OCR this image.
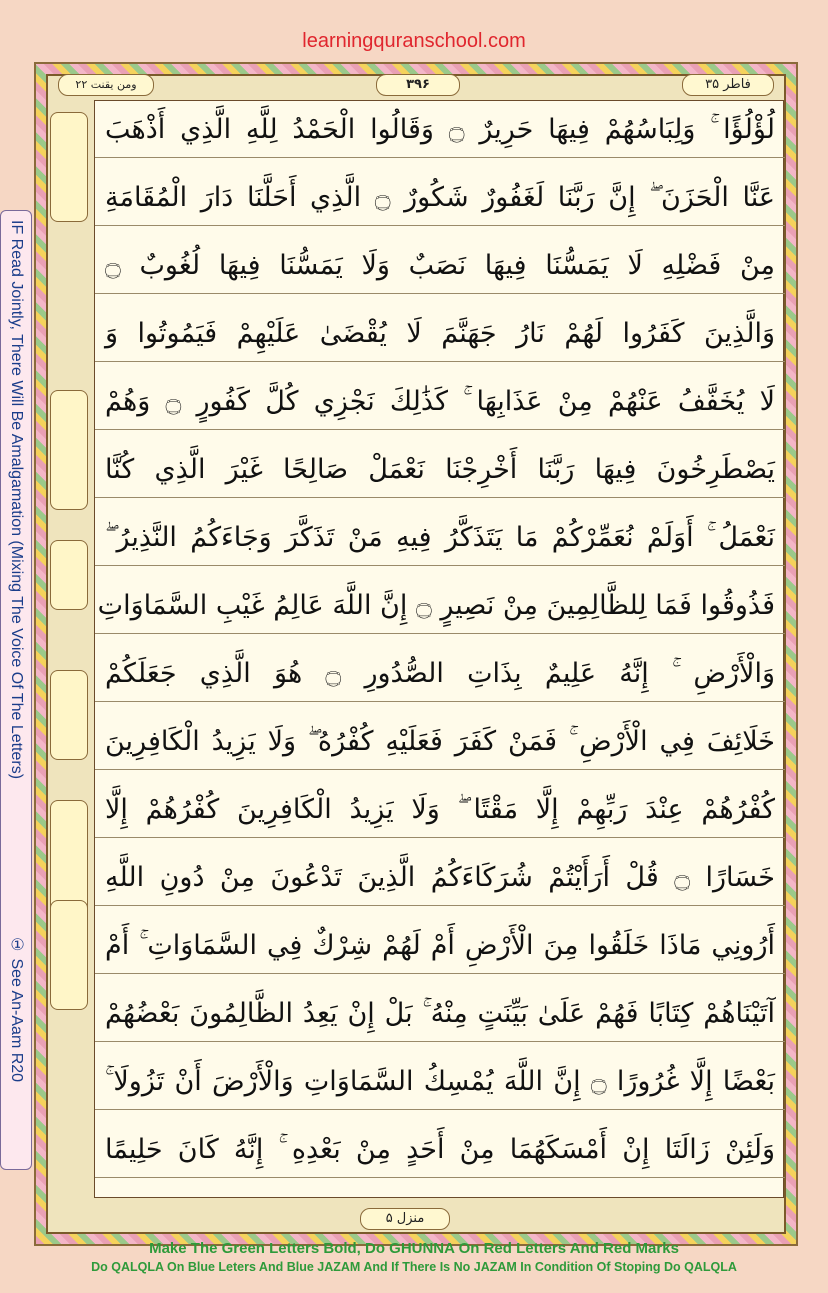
learningquranschool.com
فاطر ۳۵
۳۹۶
ومن يقنت ۲۲
IF Read Jointly, There Will Be Amalgamation (Mixing The Voice Of The Letters)
① See An-Aam R20
لُؤْلُؤًا ۚ وَلِبَاسُهُمْ فِيهَا حَرِيرٌ ۝ وَقَالُوا الْحَمْدُ لِلَّهِ الَّذِي أَذْهَبَ
عَنَّا الْحَزَنَ ۖ إِنَّ رَبَّنَا لَغَفُورٌ شَكُورٌ ۝ الَّذِي أَحَلَّنَا دَارَ الْمُقَامَةِ
مِنْ فَضْلِهِ لَا يَمَسُّنَا فِيهَا نَصَبٌ وَلَا يَمَسُّنَا فِيهَا لُغُوبٌ ۝
وَالَّذِينَ كَفَرُوا لَهُمْ نَارُ جَهَنَّمَ لَا يُقْضَىٰ عَلَيْهِمْ فَيَمُوتُوا وَ
لَا يُخَفَّفُ عَنْهُمْ مِنْ عَذَابِهَا ۚ كَذَٰلِكَ نَجْزِي كُلَّ كَفُورٍ ۝ وَهُمْ
يَصْطَرِخُونَ فِيهَا رَبَّنَا أَخْرِجْنَا نَعْمَلْ صَالِحًا غَيْرَ الَّذِي كُنَّا
نَعْمَلُ ۚ أَوَلَمْ نُعَمِّرْكُمْ مَا يَتَذَكَّرُ فِيهِ مَنْ تَذَكَّرَ وَجَاءَكُمُ النَّذِيرُ ۖ
فَذُوقُوا فَمَا لِلظَّالِمِينَ مِنْ نَصِيرٍ ۝ إِنَّ اللَّهَ عَالِمُ غَيْبِ السَّمَاوَاتِ
وَالْأَرْضِ ۚ إِنَّهُ عَلِيمٌ بِذَاتِ الصُّدُورِ ۝ هُوَ الَّذِي جَعَلَكُمْ
خَلَائِفَ فِي الْأَرْضِ ۚ فَمَنْ كَفَرَ فَعَلَيْهِ كُفْرُهُ ۖ وَلَا يَزِيدُ الْكَافِرِينَ
كُفْرُهُمْ عِنْدَ رَبِّهِمْ إِلَّا مَقْتًا ۖ وَلَا يَزِيدُ الْكَافِرِينَ كُفْرُهُمْ إِلَّا
خَسَارًا ۝ قُلْ أَرَأَيْتُمْ شُرَكَاءَكُمُ الَّذِينَ تَدْعُونَ مِنْ دُونِ اللَّهِ
أَرُونِي مَاذَا خَلَقُوا مِنَ الْأَرْضِ أَمْ لَهُمْ شِرْكٌ فِي السَّمَاوَاتِ ۚ أَمْ
آتَيْنَاهُمْ كِتَابًا فَهُمْ عَلَىٰ بَيِّنَتٍ مِنْهُ ۚ بَلْ إِنْ يَعِدُ الظَّالِمُونَ بَعْضُهُمْ
بَعْضًا إِلَّا غُرُورًا ۝ إِنَّ اللَّهَ يُمْسِكُ السَّمَاوَاتِ وَالْأَرْضَ أَنْ تَزُولَا ۚ
وَلَئِنْ زَالَتَا إِنْ أَمْسَكَهُمَا مِنْ أَحَدٍ مِنْ بَعْدِهِ ۚ إِنَّهُ كَانَ حَلِيمًا
منزل ۵
Make The Green Letters Bold, Do GHUNNA On Red Letters And Red Marks
Do QALQLA On Blue Leters And Blue JAZAM And If There Is No JAZAM In Condition Of Stoping Do QALQLA
